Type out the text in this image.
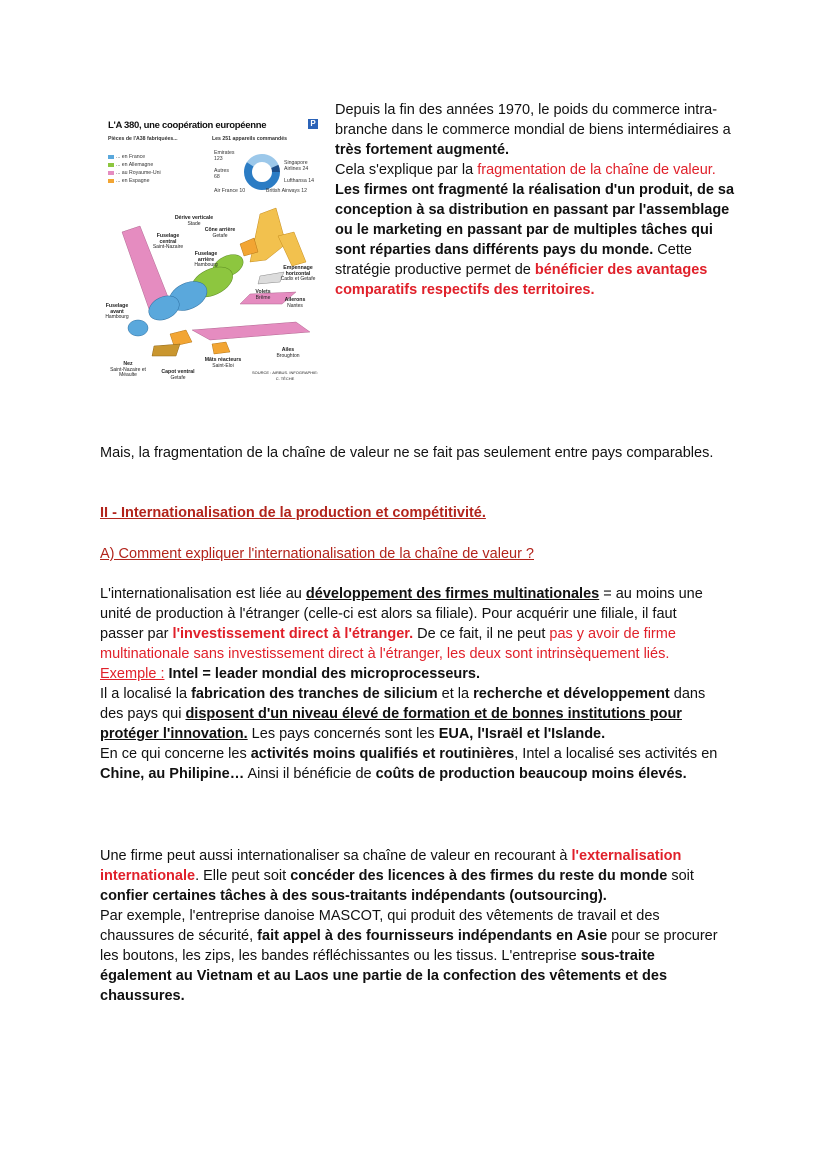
L'A 380, une coopération européenne	P
Pièces de l'A38 fabriquées...
... en France
... en Allemagne
... au Royaume-Uni
... en Espagne
Les 251 appareils commandés
Emirates
123
Autres
68
Air France 10
Singapore Airlines 24
Lufthansa 14
British Airways 12
Dérive verticale
Stade
Cône arrière
Getafe
Fuselage central
Saint-Nazaire
Fuselage arrière
Hambourg	Empennage horizontal
Cadix et Getafe
Volets
Brême	Ailerons
Nantes
Fuselage avant
Hambourg
Ailes
Broughton
Mâts réacteurs
Saint-Eloi
Nez
Saint-Nazaire et Méaulte
Capot ventral
Getafe
SOURCE : AIRBUS. INFOGRAPHIE: C. TÊCHE
Depuis la fin des années 1970, le poids du commerce intra-branche dans le commerce mondial de biens intermédiaires a très fortement augmenté.
Cela s'explique par la fragmentation de la chaîne de valeur. Les firmes ont fragmenté la réalisation d'un produit, de sa conception à sa distribution en passant par l'assemblage ou le marketing en passant par de multiples tâches qui sont réparties dans différents pays du monde. Cette stratégie productive permet de bénéficier des avantages comparatifs respectifs des territoires.
Mais, la fragmentation de la chaîne de valeur ne se fait pas seulement entre pays comparables.
II - Internationalisation de la production et compétitivité.
A) Comment expliquer l'internationalisation de la chaîne de valeur ?
L'internationalisation est liée au développement des firmes multinationales = au moins une unité de production à l'étranger (celle-ci est alors sa filiale). Pour acquérir une filiale, il faut passer par l'investissement direct à l'étranger. De ce fait, il ne peut pas y avoir de firme multinationale sans investissement direct à l'étranger, les deux sont intrinsèquement liés.
Exemple : Intel = leader mondial des microprocesseurs.
Il a localisé la fabrication des tranches de silicium et la recherche et développement dans des pays qui disposent d'un niveau élevé de formation et de bonnes institutions pour protéger l'innovation. Les pays concernés sont les EUA, l'Israël et l'Islande.
En ce qui concerne les activités moins qualifiés et routinières, Intel a localisé ses activités en Chine, au Philipine… Ainsi il bénéficie de coûts de production beaucoup moins élevés.
Une firme peut aussi internationaliser sa chaîne de valeur en recourant à l'externalisation internationale. Elle peut soit concéder des licences à des firmes du reste du monde soit confier certaines tâches à des sous-traitants indépendants (outsourcing).
Par exemple, l'entreprise danoise MASCOT, qui produit des vêtements de travail et des chaussures de sécurité, fait appel à des fournisseurs indépendants en Asie pour se procurer les boutons, les zips, les bandes réfléchissantes ou les tissus. L'entreprise sous-traite également au Vietnam et au Laos une partie de la confection des vêtements et des chaussures.
